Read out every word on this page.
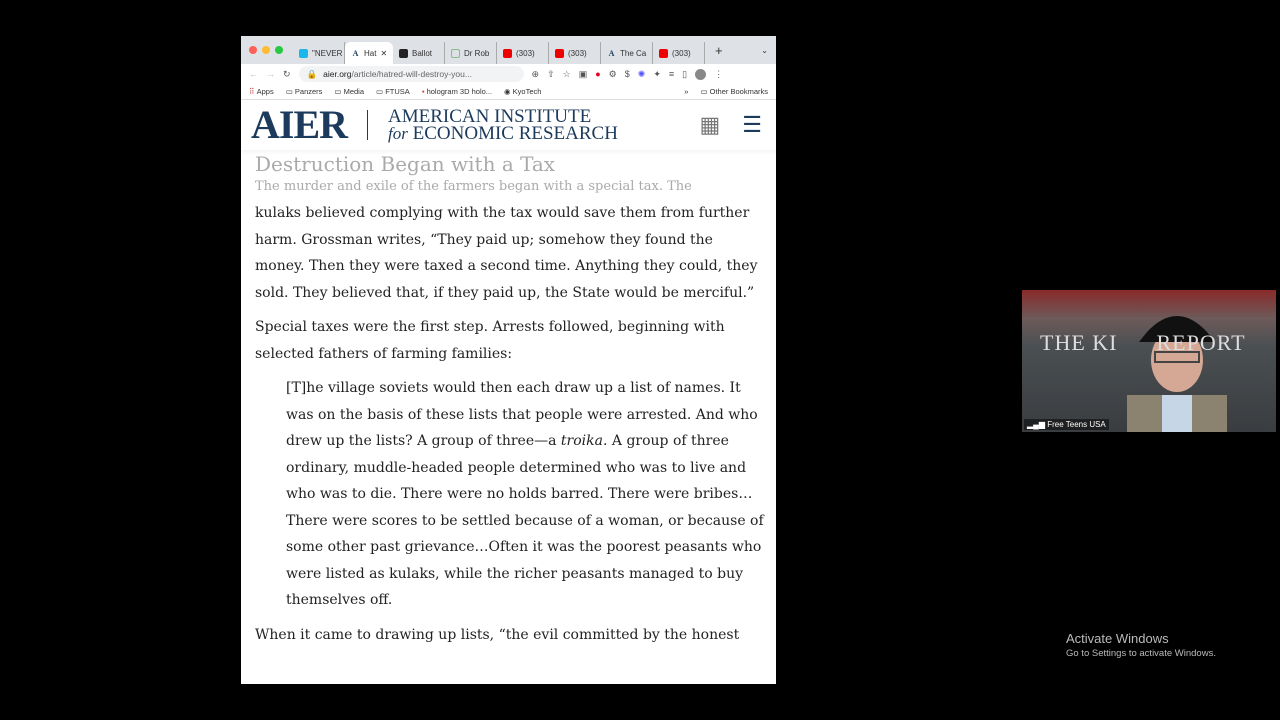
"NEVER A Hat ✕	Ballot	Dr Rob	(303)	(303)	A The Ca	(303) +	⌄
← → ↻ 🔒 aier.org/article/hatred-will-destroy-you...	⊕ ⇧ ☆ ▣ ● ⚙ $ ✺ ✦ ≡ ▯	⋮
⠿ Apps ▭ Panzers ▭ Media ▭ FTUSA ▪ hologram 3D holo... ◉ KyoTech	» ▭ Other Bookmarks
AIER AMERICAN INSTITUTE
for ECONOMIC RESEARCH	▦ ☰
Destruction Began with a Tax
The murder and exile of the farmers began with a special tax. The

kulaks believed complying with the tax would save them from further harm. Grossman writes, “They paid up; somehow they found the money. Then they were taxed a second time. Anything they could, they sold. They believed that, if they paid up, the State would be merciful.”

Special taxes were the first step. Arrests followed, beginning with selected fathers of farming families:

[T]he village soviets would then each draw up a list of names. It was on the basis of these lists that people were arrested. And who drew up the lists? A group of three—a troika. A group of three ordinary, muddle-headed people determined who was to live and who was to die. There were no holds barred. There were bribes…There were scores to be settled because of a woman, or because of some other past grievance…Often it was the poorest peasants who were listed as kulaks, while the richer peasants managed to buy themselves off.

When it came to drawing up lists, “the evil committed by the honest

THE KI      REPORT
▂▄▆ Free Teens USA
Activate Windows
Go to Settings to activate Windows.
